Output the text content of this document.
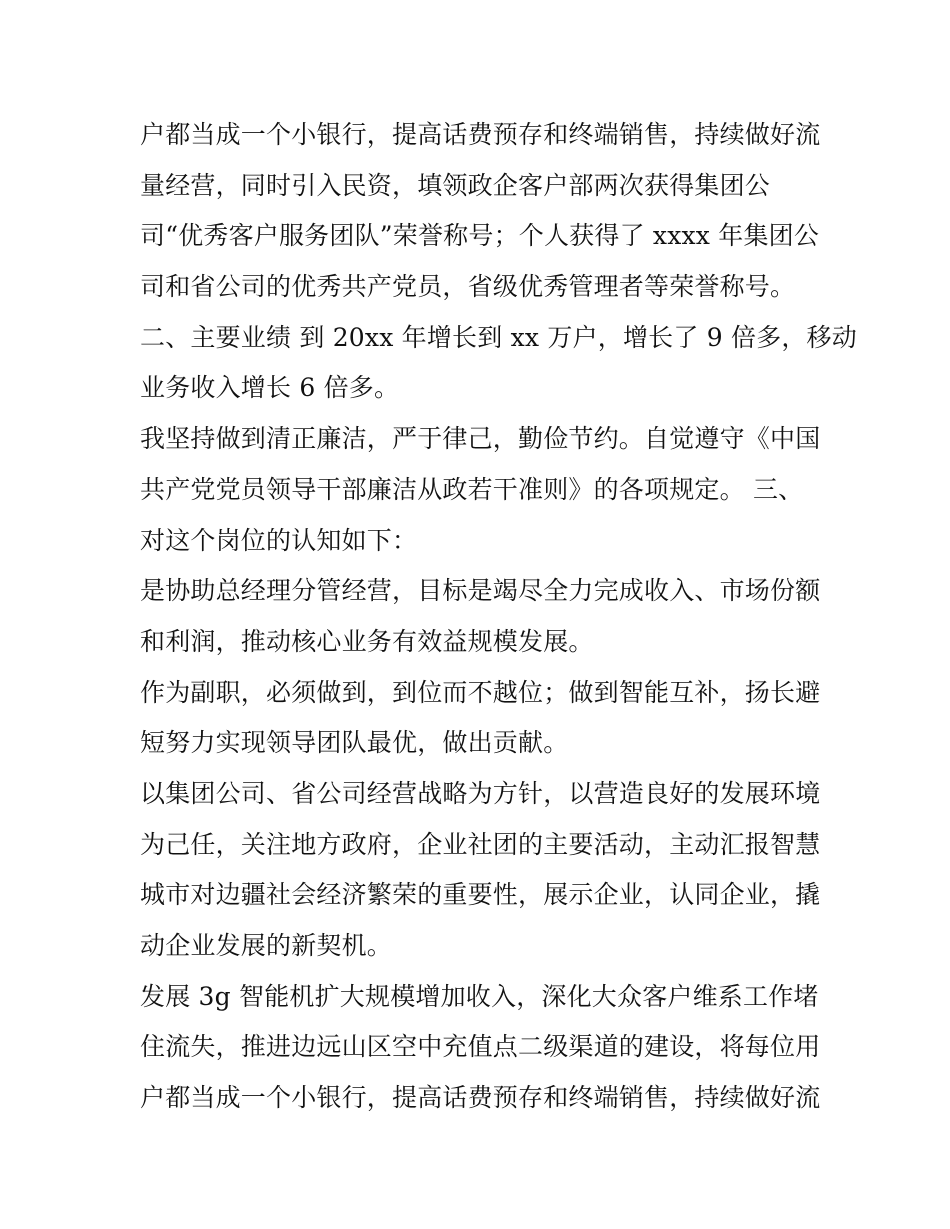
户都当成一个小银行，提高话费预存和终端销售，持续做好流
量经营，同时引入民资，填领政企客户部两次获得集团公
司“优秀客户服务团队”荣誉称号；个人获得了 xxxx 年集团公
司和省公司的优秀共产党员，省级优秀管理者等荣誉称号。
二、主要业绩 到 20xx 年增长到 xx 万户，增长了 9 倍多，移动
业务收入增长 6 倍多。
我坚持做到清正廉洁，严于律己，勤俭节约。自觉遵守《中国
共产党党员领导干部廉洁从政若干准则》的各项规定。 三、
对这个岗位的认知如下：
是协助总经理分管经营，目标是竭尽全力完成收入、市场份额
和利润，推动核心业务有效益规模发展。
作为副职，必须做到，到位而不越位；做到智能互补，扬长避
短努力实现领导团队最优，做出贡献。
以集团公司、省公司经营战略为方针，以营造良好的发展环境
为己任，关注地方政府，企业社团的主要活动，主动汇报智慧
城市对边疆社会经济繁荣的重要性，展示企业，认同企业，撬
动企业发展的新契机。
发展 3g 智能机扩大规模增加收入，深化大众客户维系工作堵
住流失，推进边远山区空中充值点二级渠道的建设，将每位用
户都当成一个小银行，提高话费预存和终端销售，持续做好流
